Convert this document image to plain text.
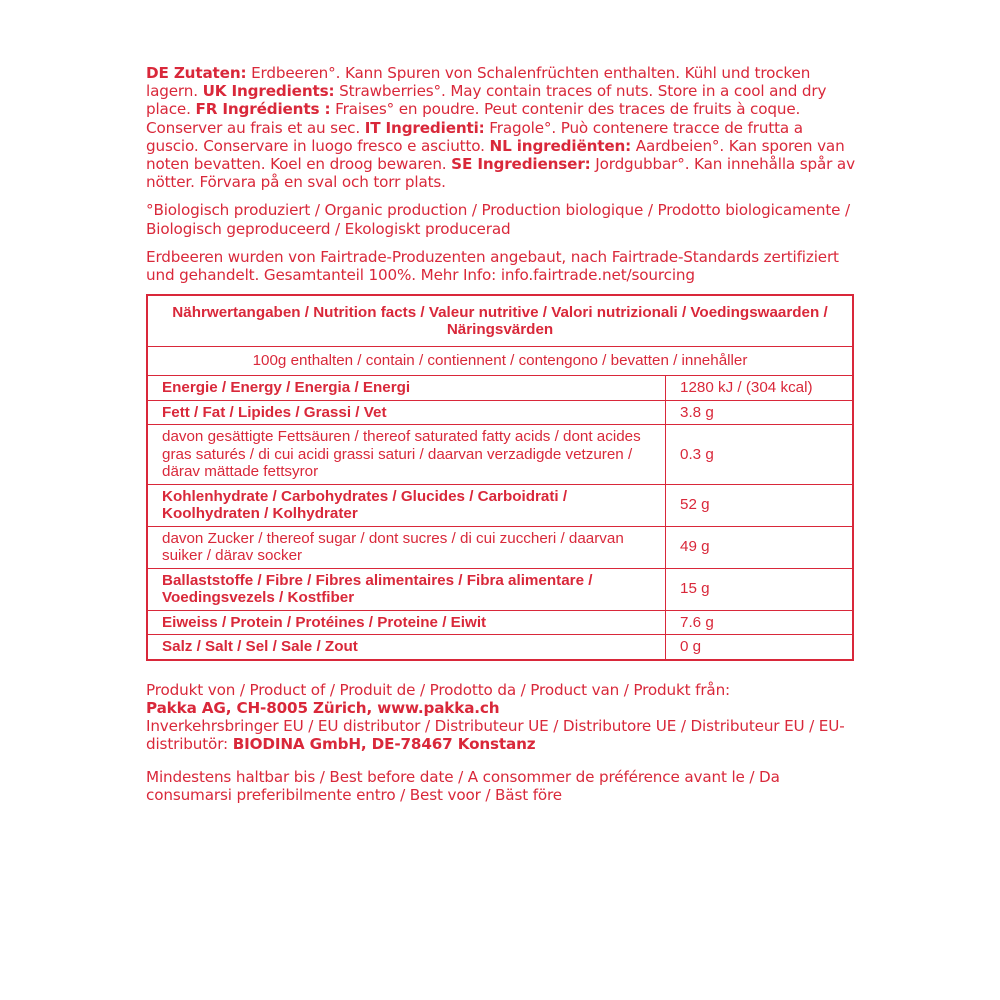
DE Zutaten: Erdbeeren°. Kann Spuren von Schalenfrüchten enthalten. Kühl und trocken lagern. UK Ingredients: Strawberries°. May contain traces of nuts. Store in a cool and dry place. FR Ingrédients : Fraises° en poudre. Peut contenir des traces de fruits à coque. Conserver au frais et au sec. IT Ingredienti: Fragole°. Può contenere tracce de frutta a guscio. Conservare in luogo fresco e asciutto. NL ingrediënten: Aardbeien°. Kan sporen van noten bevatten. Koel en droog bewaren. SE Ingredienser: Jordgubbar°. Kan innehålla spår av nötter. Förvara på en sval och torr plats.

°Biologisch produziert / Organic production / Production biologique / Prodotto biologicamente / Biologisch geproduceerd / Ekologiskt producerad

Erdbeeren wurden von Fairtrade-Produzenten angebaut, nach Fairtrade-Standards zertifiziert und gehandelt. Gesamtanteil 100%. Mehr Info: info.fairtrade.net/sourcing

Nährwertangaben / Nutrition facts / Valeur nutritive / Valori nutrizionali / Voedingswaarden / Näringsvärden	
100g enthalten / contain / contiennent / contengono / bevatten / innehåller	
Energie / Energy / Energia / Energi	1280 kJ / (304 kcal)
Fett / Fat / Lipides / Grassi / Vet	3.8 g
davon gesättigte Fettsäuren / thereof saturated fatty acids / dont acides gras saturés / di cui acidi grassi saturi / daarvan verzadigde vetzuren / därav mättade fettsyror	0.3 g
Kohlenhydrate / Carbohydrates / Glucides / Carboidrati / Koolhydraten / Kolhydrater	52 g
davon Zucker / thereof sugar / dont sucres / di cui zuccheri / daarvan suiker / därav socker	49 g
Ballaststoffe / Fibre / Fibres alimentaires / Fibra alimentare / Voedingsvezels / Kostfiber	15 g
Eiweiss / Protein / Protéines / Proteine / Eiwit	7.6 g
Salz / Salt / Sel / Sale / Zout	0 g

Produkt von / Product of / Produit de / Prodotto da / Product van / Produkt från:
Pakka AG, CH-8005 Zürich, www.pakka.ch
Inverkehrsbringer EU / EU distributor / Distributeur UE / Distributore UE / Distributeur EU / EU-distributör: BIODINA GmbH, DE-78467 Konstanz

Mindestens haltbar bis / Best before date / A consommer de préférence avant le / Da consumarsi preferibilmente entro / Best voor / Bäst före
